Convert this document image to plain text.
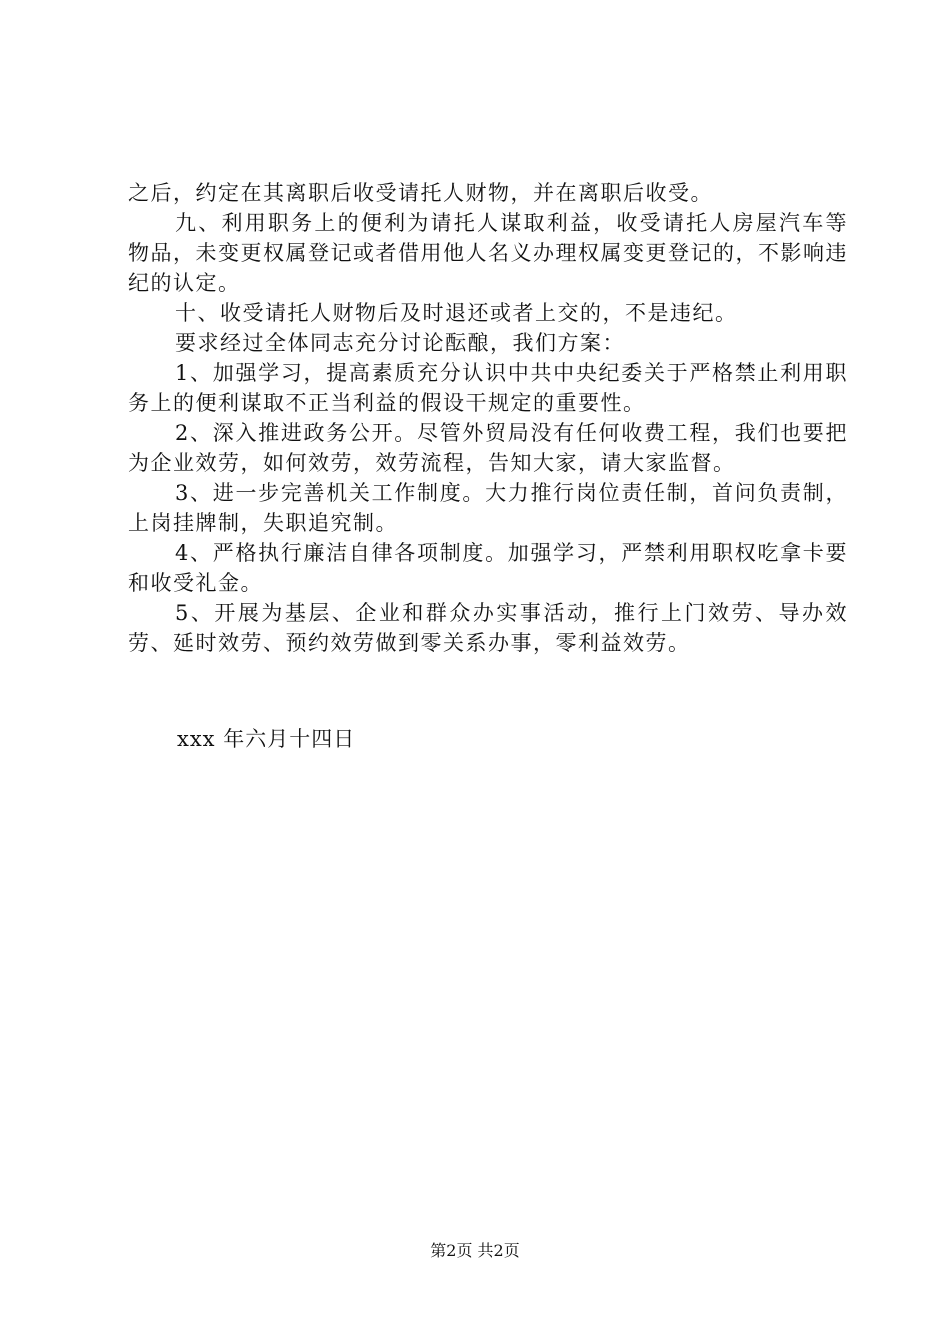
之后，约定在其离职后收受请托人财物，并在离职后收受。

九、利用职务上的便利为请托人谋取利益，收受请托人房屋汽车等物品，未变更权属登记或者借用他人名义办理权属变更登记的，不影响违纪的认定。

十、收受请托人财物后及时退还或者上交的，不是违纪。

要求经过全体同志充分讨论酝酿，我们方案：

1、加强学习，提高素质充分认识中共中央纪委关于严格禁止利用职务上的便利谋取不正当利益的假设干规定的重要性。

2、深入推进政务公开。尽管外贸局没有任何收费工程，我们也要把为企业效劳，如何效劳，效劳流程，告知大家，请大家监督。

3、进一步完善机关工作制度。大力推行岗位责任制，首问负责制，上岗挂牌制，失职追究制。

4、严格执行廉洁自律各项制度。加强学习，严禁利用职权吃拿卡要和收受礼金。

5、开展为基层、企业和群众办实事活动，推行上门效劳、导办效劳、延时效劳、预约效劳做到零关系办事，零利益效劳。

xxx 年六月十四日

第2页 共2页
